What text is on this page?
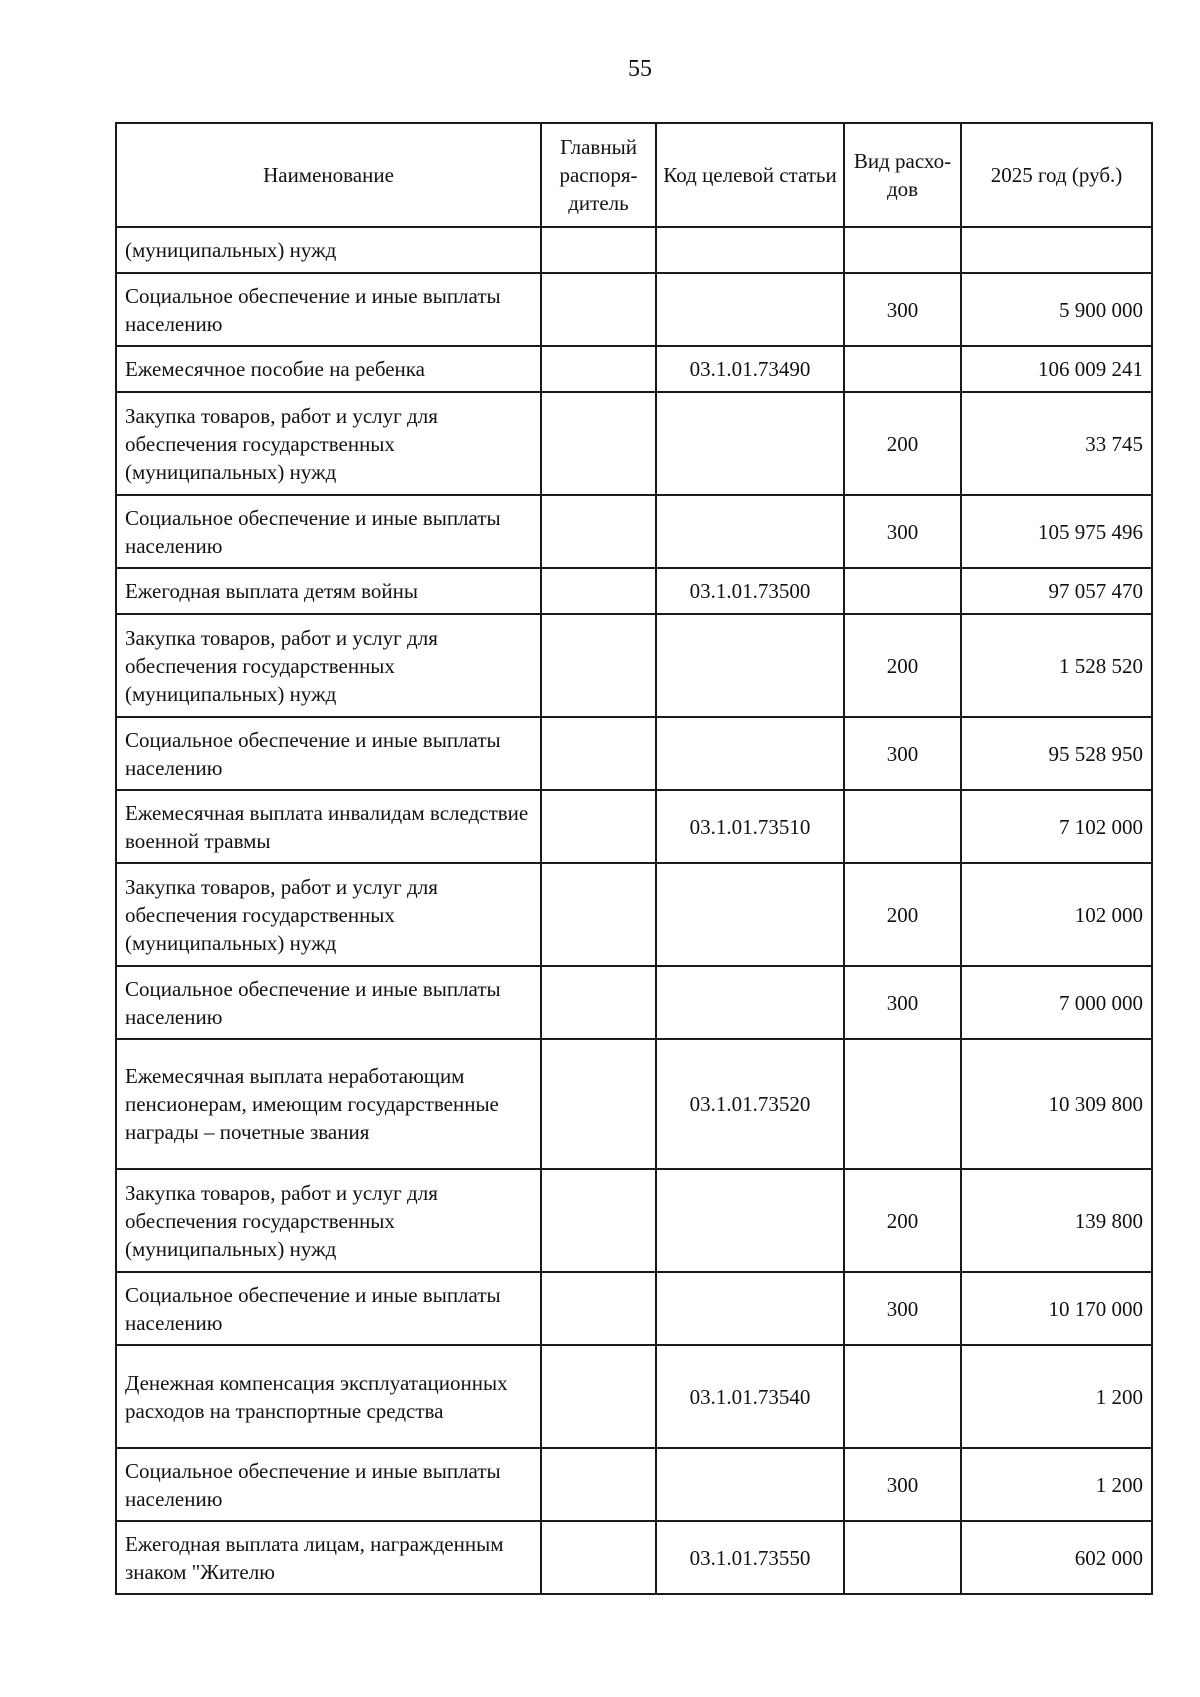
55
Наименование	Главный распоря-дитель	Код целевой статьи	Вид расхо-дов	2025 год (руб.)
(муниципальных) нужд				
Социальное обеспечение и иные выплаты населению			300	5 900 000
Ежемесячное пособие на ребенка		03.1.01.73490		106 009 241
Закупка товаров, работ и услуг для обеспечения государственных (муниципальных) нужд			200	33 745
Социальное обеспечение и иные выплаты населению			300	105 975 496
Ежегодная выплата детям войны		03.1.01.73500		97 057 470
Закупка товаров, работ и услуг для обеспечения государственных (муниципальных) нужд			200	1 528 520
Социальное обеспечение и иные выплаты населению			300	95 528 950
Ежемесячная выплата инвалидам вследствие военной травмы		03.1.01.73510		7 102 000
Закупка товаров, работ и услуг для обеспечения государственных (муниципальных) нужд			200	102 000
Социальное обеспечение и иные выплаты населению			300	7 000 000
Ежемесячная выплата неработающим пенсионерам, имеющим государственные награды – почетные звания		03.1.01.73520		10 309 800
Закупка товаров, работ и услуг для обеспечения государственных (муниципальных) нужд			200	139 800
Социальное обеспечение и иные выплаты населению			300	10 170 000
Денежная компенсация эксплуатационных расходов на транспортные средства		03.1.01.73540		1 200
Социальное обеспечение и иные выплаты населению			300	1 200
Ежегодная выплата лицам, награжденным знаком "Жителю		03.1.01.73550		602 000
